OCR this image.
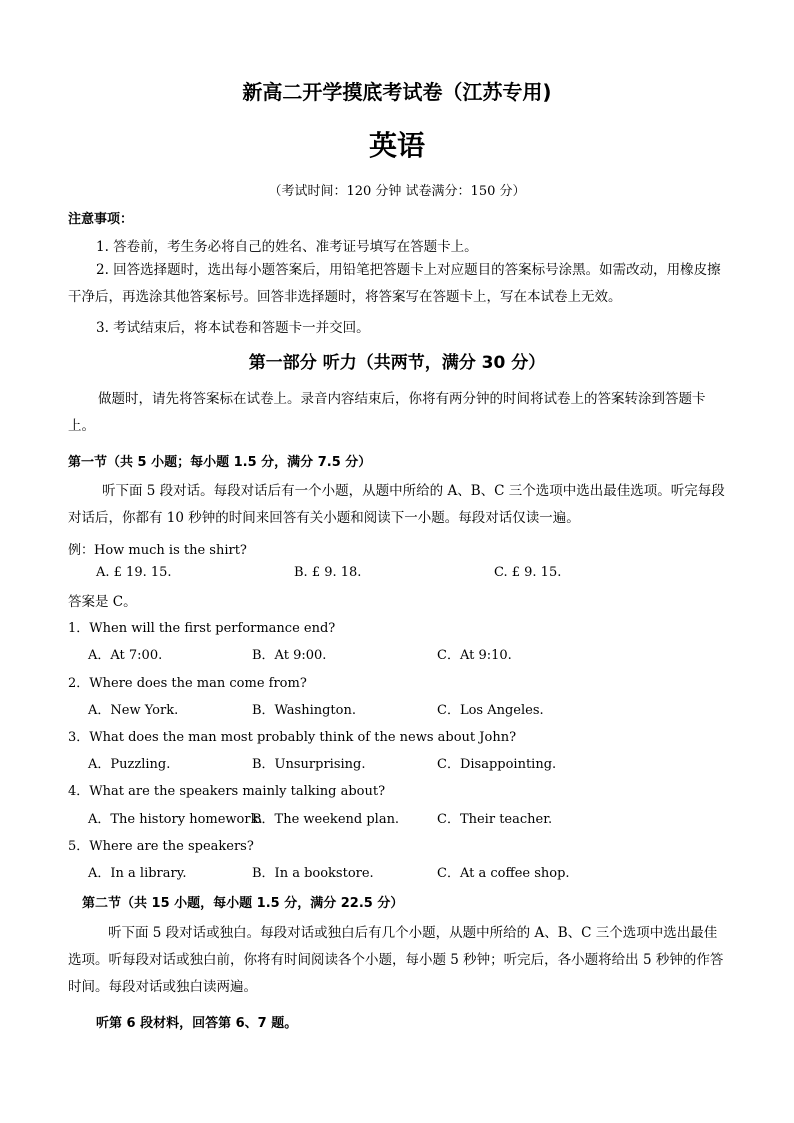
新高二开学摸底考试卷（江苏专用)
英语
（考试时间：120 分钟 试卷满分：150 分）
注意事项：
1. 答卷前，考生务必将自己的姓名、准考证号填写在答题卡上。
2. 回答选择题时，选出每小题答案后，用铅笔把答题卡上对应题目的答案标号涂黑。如需改动，用橡皮擦干净后，再选涂其他答案标号。回答非选择题时，将答案写在答题卡上，写在本试卷上无效。
3. 考试结束后，将本试卷和答题卡一并交回。
第一部分 听力（共两节，满分 30 分）
做题时，请先将答案标在试卷上。录音内容结束后，你将有两分钟的时间将试卷上的答案转涂到答题卡上。
第一节（共 5 小题；每小题 1.5 分，满分 7.5 分）
听下面 5 段对话。每段对话后有一个小题，从题中所给的 A、B、C 三个选项中选出最佳选项。听完每段对话后，你都有 10 秒钟的时间来回答有关小题和阅读下一小题。每段对话仅读一遍。
例：How much is the shirt?
A. £ 19. 15.	B. £ 9. 18.	C. £ 9. 15.
答案是 C。
1．When will the first performance end?
A．At 7:00.	B．At 9:00.	C．At 9:10.
2．Where does the man come from?
A．New York.	B．Washington.	C．Los Angeles.
3．What does the man most probably think of the news about John?
A．Puzzling.	B．Unsurprising.	C．Disappointing.
4．What are the speakers mainly talking about?
A．The history homework.
B．The weekend plan.	C．Their teacher.
5．Where are the speakers?
A．In a library.	B．In a bookstore.	C．At a coffee shop.
第二节（共 15 小题，每小题 1.5 分，满分 22.5 分）
听下面 5 段对话或独白。每段对话或独白后有几个小题，从题中所给的 A、B、C 三个选项中选出最佳选项。听每段对话或独白前，你将有时间阅读各个小题，每小题 5 秒钟；听完后，各小题将给出 5 秒钟的作答时间。每段对话或独白读两遍。
听第 6 段材料，回答第 6、7 题。
